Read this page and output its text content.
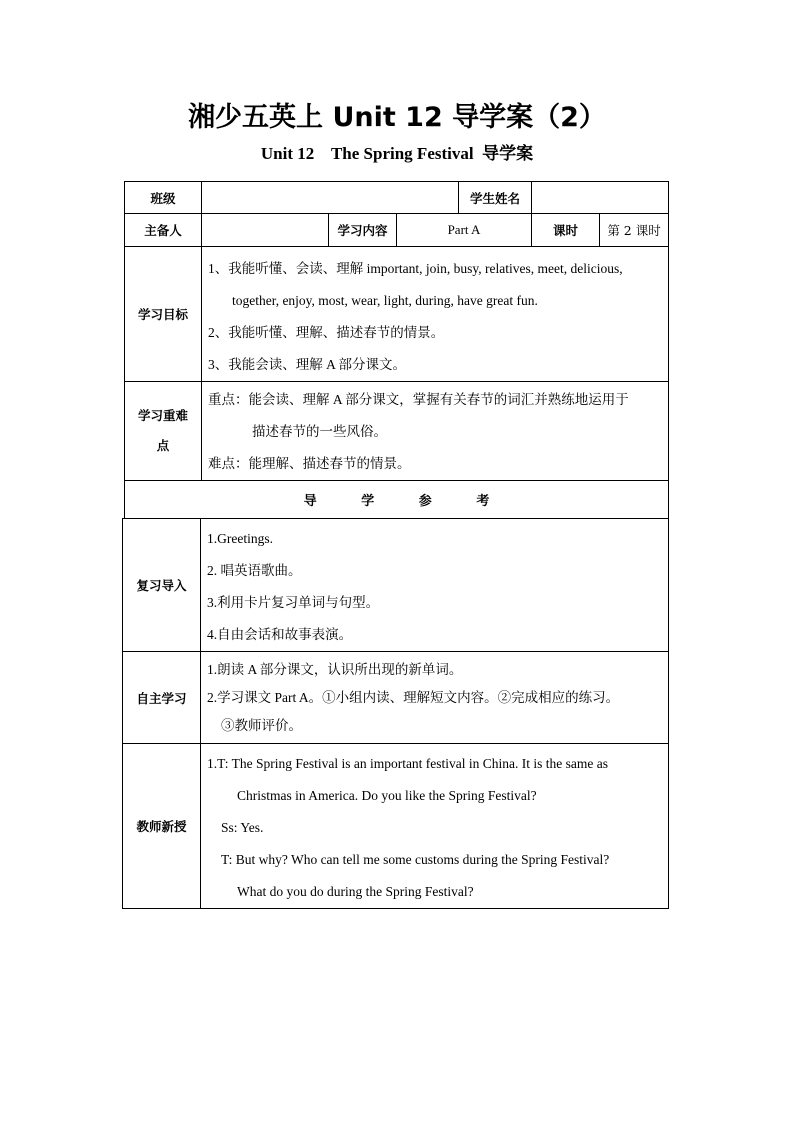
湘少五英上 Unit 12 导学案（2）
Unit 12    The Spring Festival  导学案
班级				学生姓名		
主备人		学习内容	Part A		课时	第 2 课时
学习目标	1、我能听懂、会读、理解 important, join, busy, relatives, meet, delicious,
together, enjoy, most, wear, light, during, have great fun.
2、我能听懂、理解、描述春节的情景。
3、我能会读、理解 A 部分课文。					

学习重难
点	重点：能会读、理解 A 部分课文，掌握有关春节的词汇并熟练地运用于
描述春节的一些风俗。
难点：能理解、描述春节的情景。					

导 学 参 考						
复习导入	1.Greetings.
2. 唱英语歌曲。
3.利用卡片复习单词与句型。
4.自由会话和故事表演。

自主学习	1.朗读 A 部分课文，认识所出现的新单词。
2.学习课文 Part A。①小组内读、理解短文内容。②完成相应的练习。
③教师评价。

教师新授	1.T: The Spring Festival is an important festival in China. It is the same as
Christmas in America. Do you like the Spring Festival?
Ss: Yes.
T: But why? Who can tell me some customs during the Spring Festival?
What do you do during the Spring Festival?
